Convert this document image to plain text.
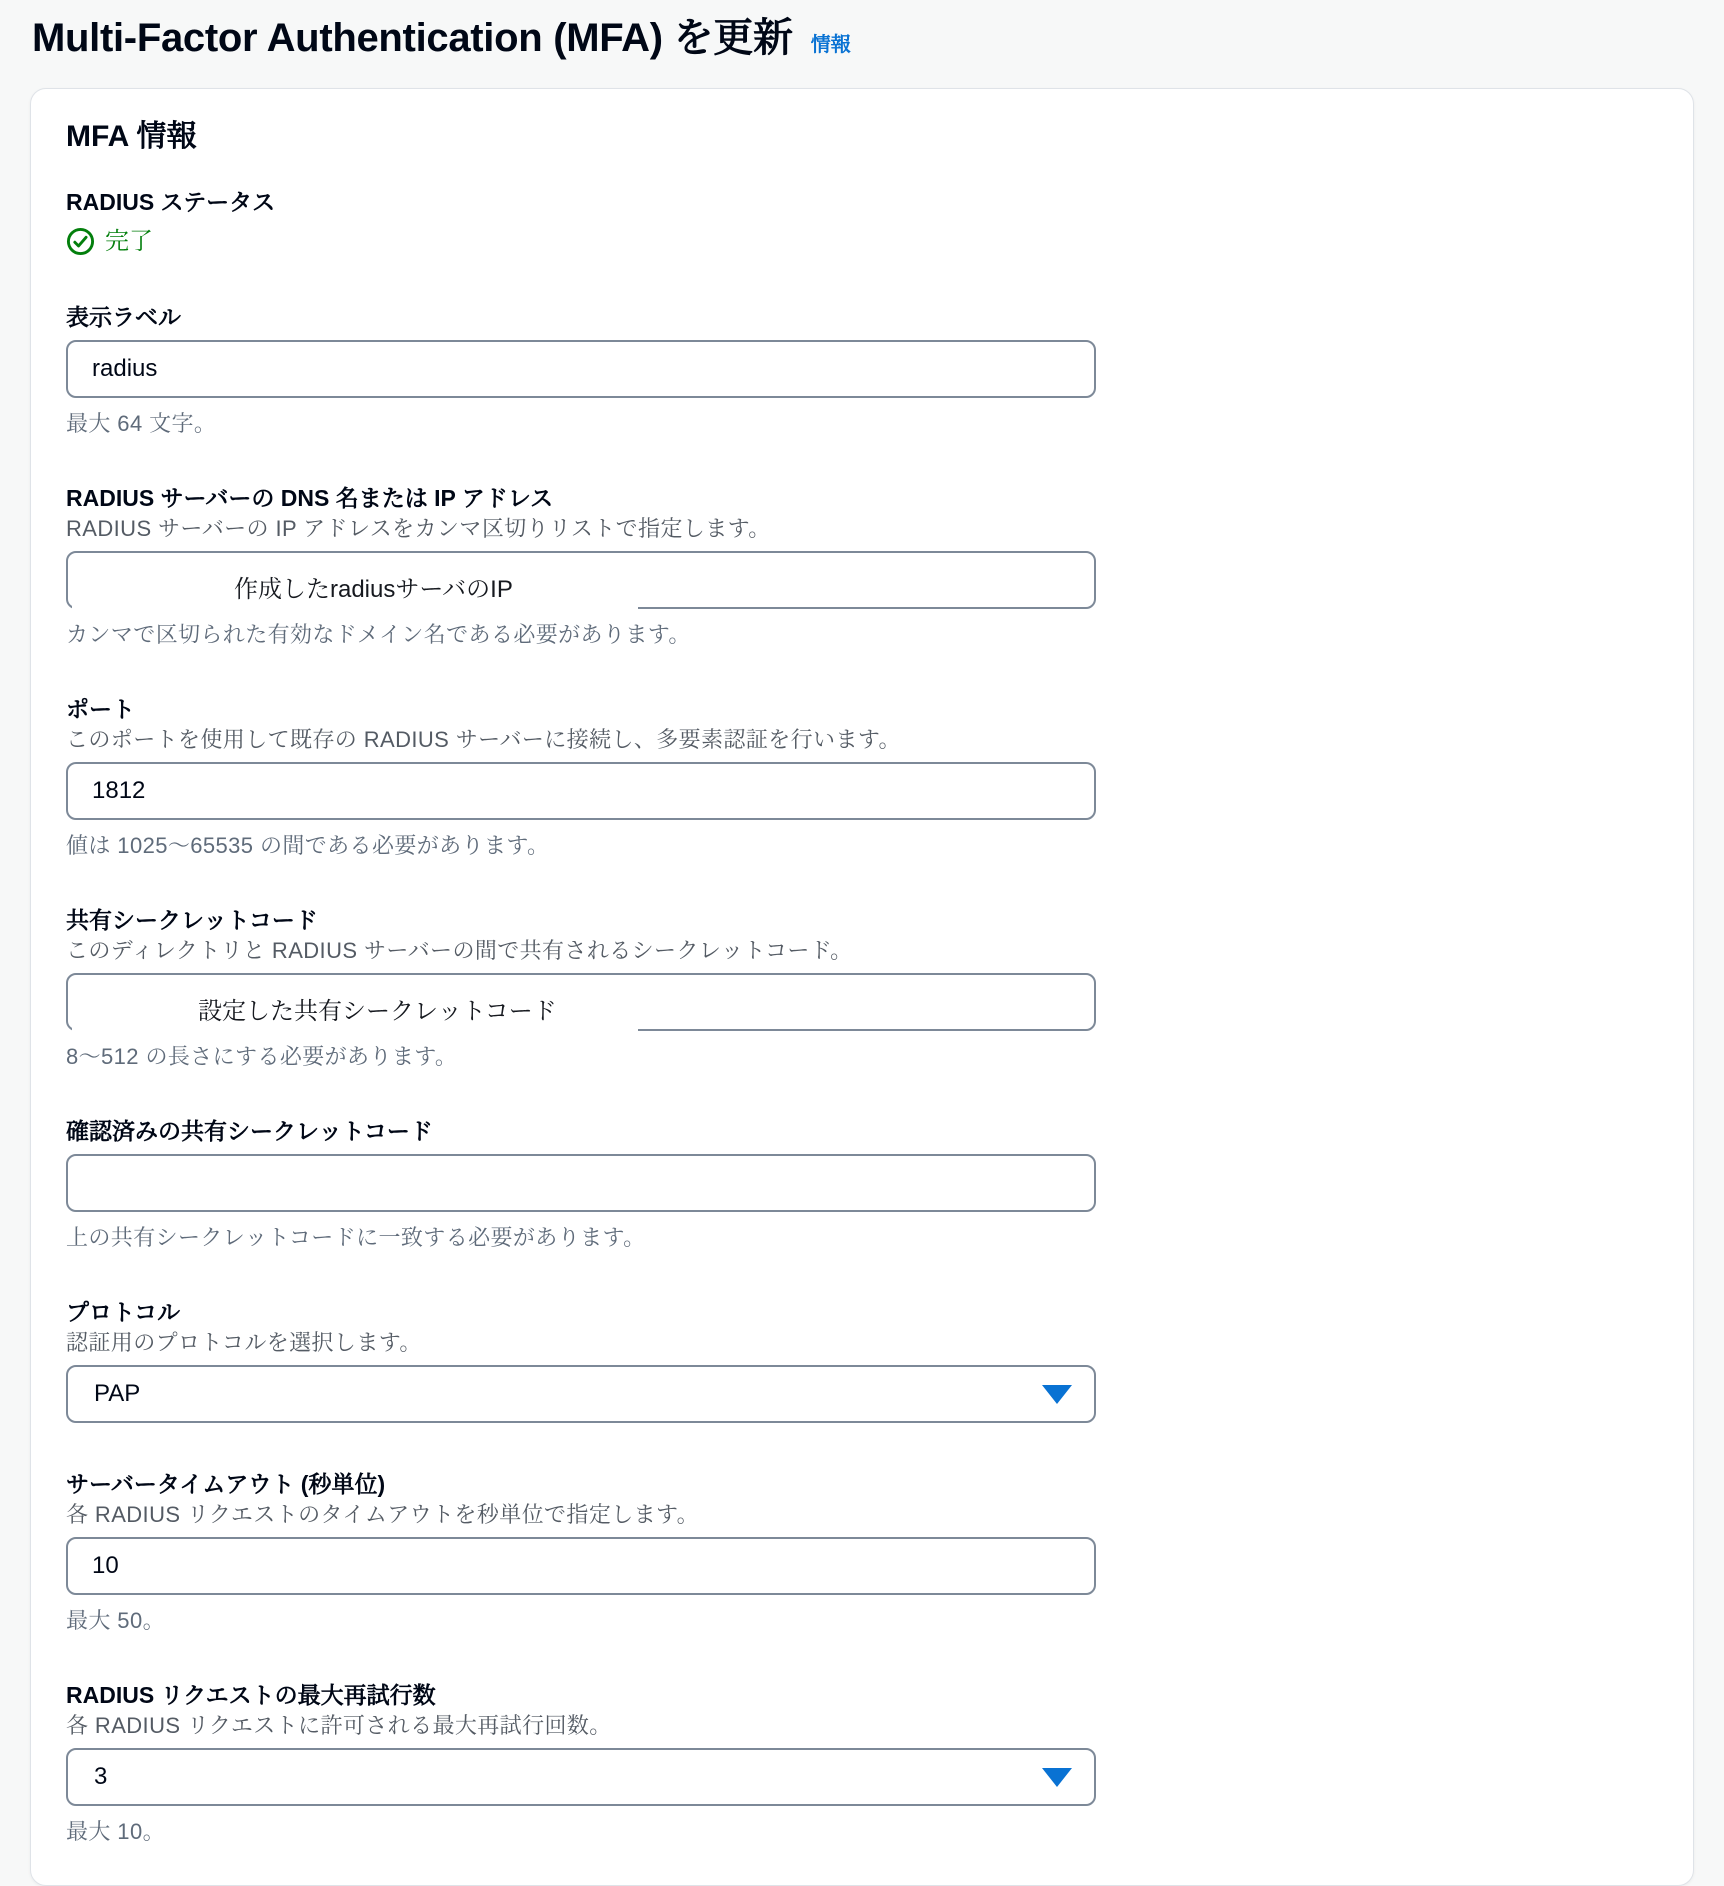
Multi-Factor Authentication (MFA) を更新 情報
MFA 情報
RADIUS ステータス
完了
表示ラベル
radius
最大 64 文字。
RADIUS サーバーの DNS 名または IP アドレス
RADIUS サーバーの IP アドレスをカンマ区切りリストで指定します。
作成したradiusサーバのIP
カンマで区切られた有効なドメイン名である必要があります。
ポート
このポートを使用して既存の RADIUS サーバーに接続し、多要素認証を行います。
1812
値は 1025〜65535 の間である必要があります。
共有シークレットコード
このディレクトリと RADIUS サーバーの間で共有されるシークレットコード。
設定した共有シークレットコード
8〜512 の長さにする必要があります。
確認済みの共有シークレットコード
上の共有シークレットコードに一致する必要があります。
プロトコル
認証用のプロトコルを選択します。
PAP
サーバータイムアウト (秒単位)
各 RADIUS リクエストのタイムアウトを秒単位で指定します。
10
最大 50。
RADIUS リクエストの最大再試行数
各 RADIUS リクエストに許可される最大再試行回数。
3
最大 10。
